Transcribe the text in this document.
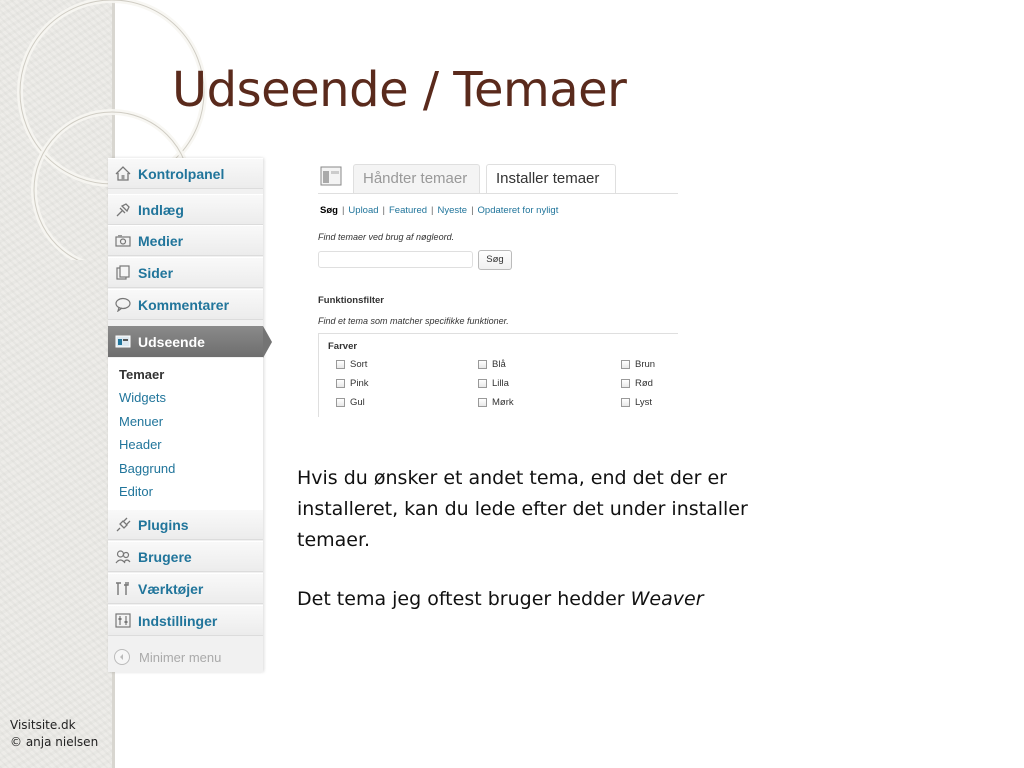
Udseende / Temaer
Visitsite.dk
© anja nielsen
Kontrolpanel
Indlæg
Medier
Sider
Kommentarer
Udseende
Temaer
Widgets
Menuer
Header
Baggrund
Editor
Plugins
Brugere
Værktøjer
Indstillinger
Minimer menu
Håndter temaer	Installer temaer
Søg | Upload | Featured | Nyeste | Opdateret for nyligt
Find temaer ved brug af nøgleord.
Søg
Funktionsfilter
Find et tema som matcher specifikke funktioner.
Farver
Sort	Blå	Brun
Pink	Lilla	Rød
Gul	Mørk	Lyst

Hvis du ønsker et andet tema, end det der er installeret, kan du lede efter det under installer temaer.

Det tema jeg oftest bruger hedder Weaver
